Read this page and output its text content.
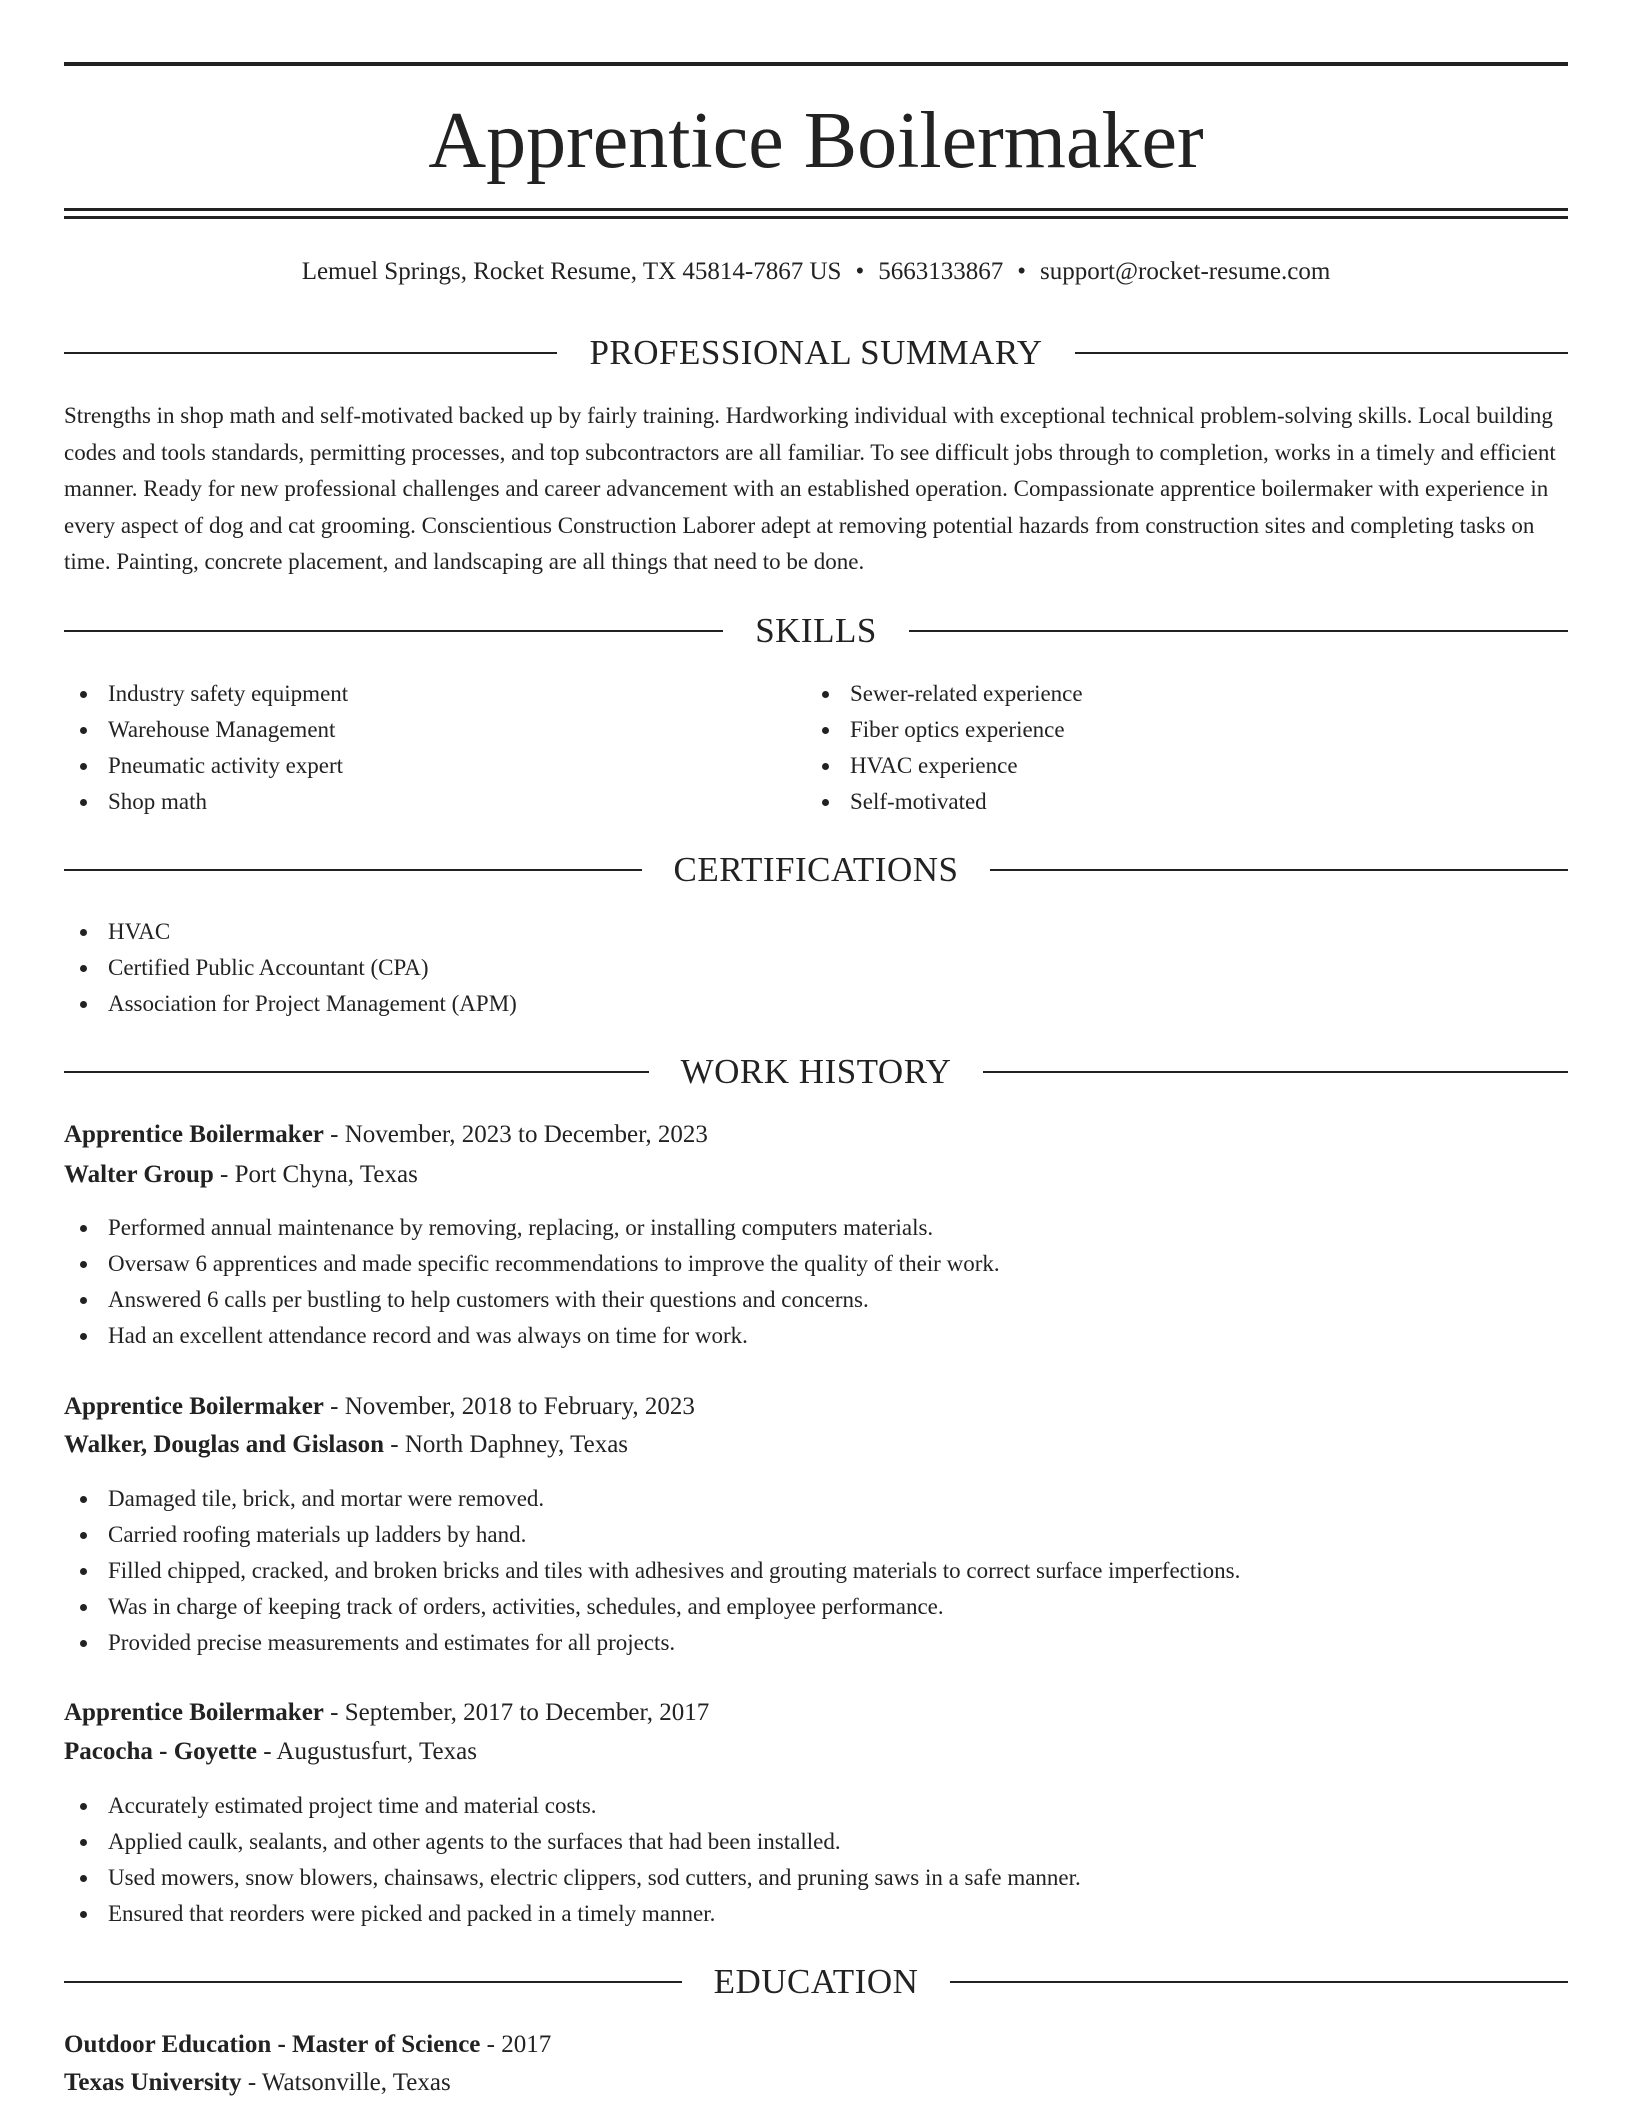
Apprentice Boilermaker
Lemuel Springs, Rocket Resume, TX 45814-7867 US • 5663133867 • support@rocket-resume.com
PROFESSIONAL SUMMARY

Strengths in shop math and self-motivated backed up by fairly training. Hardworking individual with exceptional technical problem-solving skills. Local building codes and tools standards, permitting processes, and top subcontractors are all familiar. To see difficult jobs through to completion, works in a timely and efficient manner. Ready for new professional challenges and career advancement with an established operation. Compassionate apprentice boilermaker with experience in every aspect of dog and cat grooming. Conscientious Construction Laborer adept at removing potential hazards from construction sites and completing tasks on time. Painting, concrete placement, and landscaping are all things that need to be done.

SKILLS
Industry safety equipment
Warehouse Management
Pneumatic activity expert
Shop math
Sewer-related experience
Fiber optics experience
HVAC experience
Self-motivated
CERTIFICATIONS
HVAC
Certified Public Accountant (CPA)
Association for Project Management (APM)
WORK HISTORY
Apprentice Boilermaker - November, 2023 to December, 2023
Walter Group - Port Chyna, Texas
Performed annual maintenance by removing, replacing, or installing computers materials.
Oversaw 6 apprentices and made specific recommendations to improve the quality of their work.
Answered 6 calls per bustling to help customers with their questions and concerns.
Had an excellent attendance record and was always on time for work.
Apprentice Boilermaker - November, 2018 to February, 2023
Walker, Douglas and Gislason - North Daphney, Texas
Damaged tile, brick, and mortar were removed.
Carried roofing materials up ladders by hand.
Filled chipped, cracked, and broken bricks and tiles with adhesives and grouting materials to correct surface imperfections.
Was in charge of keeping track of orders, activities, schedules, and employee performance.
Provided precise measurements and estimates for all projects.
Apprentice Boilermaker - September, 2017 to December, 2017
Pacocha - Goyette - Augustusfurt, Texas
Accurately estimated project time and material costs.
Applied caulk, sealants, and other agents to the surfaces that had been installed.
Used mowers, snow blowers, chainsaws, electric clippers, sod cutters, and pruning saws in a safe manner.
Ensured that reorders were picked and packed in a timely manner.
EDUCATION
Outdoor Education - Master of Science - 2017
Texas University - Watsonville, Texas
